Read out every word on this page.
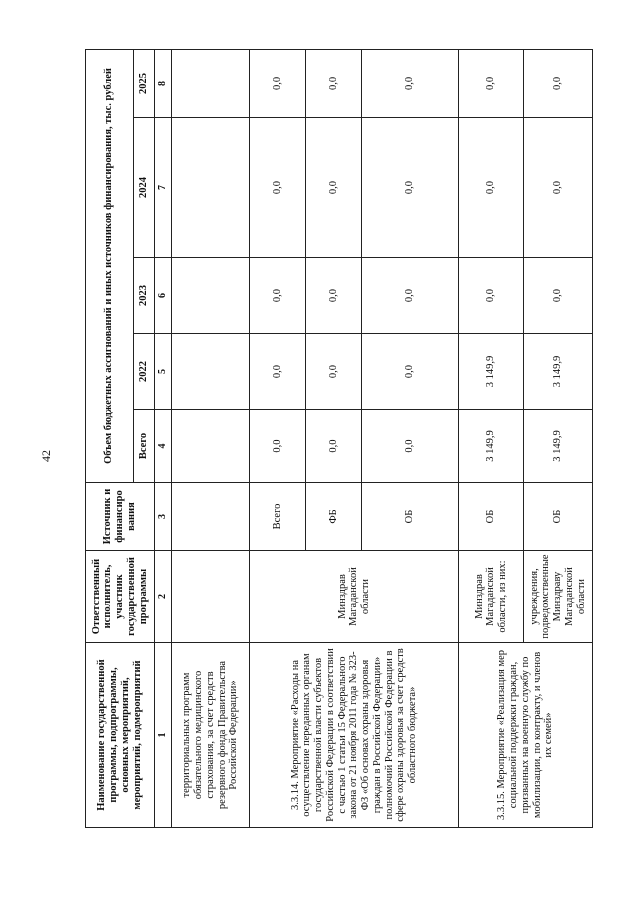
42
Наименование государственной программы, подпрограммы, основных мероприятий, мероприятий, подмероприятий	Ответственный исполнитель, участник государственной программы	Источник и финансиро вания	Объем бюджетных ассигнований и иных источников финансирования, тыс. рублей				
			Всего	2022	2023	2024	2025
1	2	3	4	5	6	7	8
территориальных программ обязательного медицинского страхования, за счет средств резервного фонда Правительства Российской Федерации»							
3.3.14. Мероприятие «Расходы на осуществление переданных органам государственной власти субъектов Российской Федерации в соответствии с частью 1 статьи 15 Федерального закона от 21 ноября 2011 года № 323-ФЗ «Об основах охраны здоровья граждан в Российской Федерации» полномочий Российской Федерации в сфере охраны здоровья за счет средств областного бюджета»	Минздрав Магаданской области	Всего	0,0	0,0	0,0	0,0	0,0
		ФБ	0,0	0,0	0,0	0,0	0,0
		ОБ	0,0	0,0	0,0	0,0	0,0
3.3.15. Мероприятие «Реализация мер социальной поддержки граждан, призванных на военную службу по мобилизации, по контракту, и членов их семей»	Минздрав Магаданской области, из них:	ОБ	3 149,9	3 149,9	0,0	0,0	0,0
	учреждения, подведомственные Минздраву Магаданской области	ОБ	3 149,9	3 149,9	0,0	0,0	0,0
